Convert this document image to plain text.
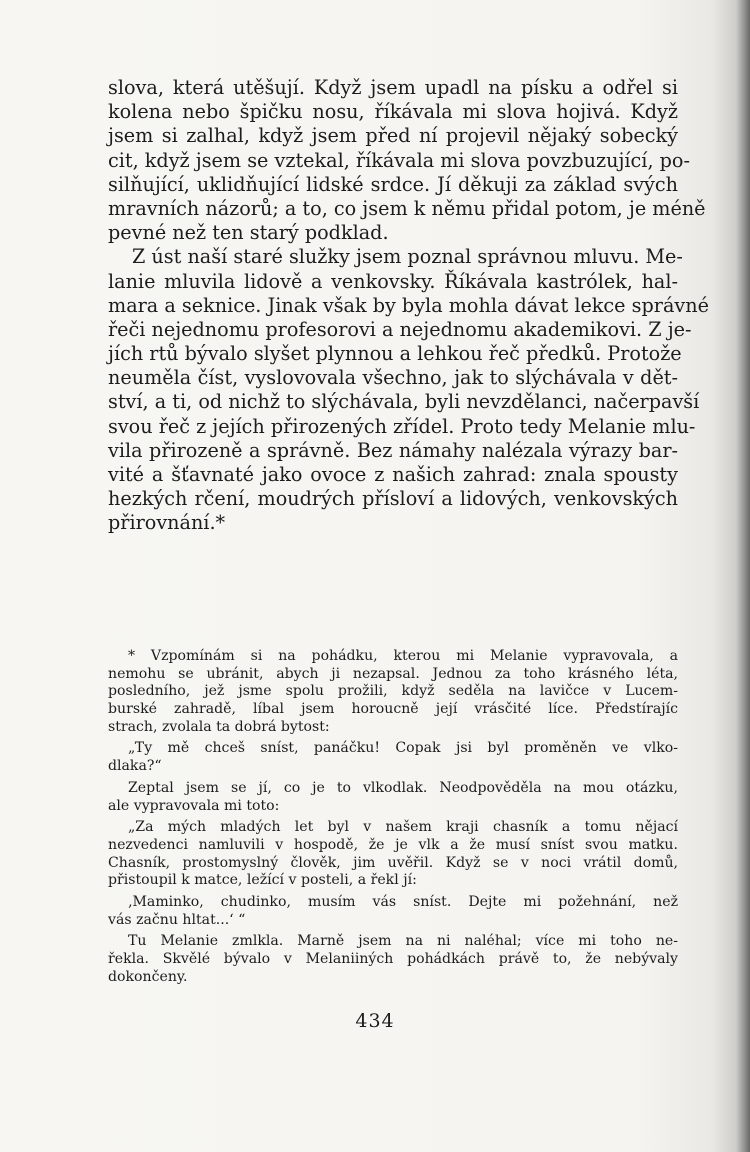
slova, která utěšují. Když jsem upadl na písku a odřel si
kolena nebo špičku nosu, říkávala mi slova hojivá. Když
jsem si zalhal, když jsem před ní projevil nějaký sobecký
cit, když jsem se vztekal, říkávala mi slova povzbuzující, po-
silňující, uklidňující lidské srdce. Jí děkuji za základ svých
mravních názorů; a to, co jsem k němu přidal potom, je méně
pevné než ten starý podklad.
Z úst naší staré služky jsem poznal správnou mluvu. Me-
lanie mluvila lidově a venkovsky. Říkávala kastrólek, hal-
mara a seknice. Jinak však by byla mohla dávat lekce správné
řeči nejednomu profesorovi a nejednomu akademikovi. Z je-
jích rtů bývalo slyšet plynnou a lehkou řeč předků. Protože
neuměla číst, vyslovovala všechno, jak to slýchávala v dět-
ství, a ti, od nichž to slýchávala, byli nevzdělanci, načerpavší
svou řeč z jejích přirozených zřídel. Proto tedy Melanie mlu-
vila přirozeně a správně. Bez námahy nalézala výrazy bar-
vité a šťavnaté jako ovoce z našich zahrad: znala spousty
hezkých rčení, moudrých přísloví a lidových, venkovských
přirovnání.*
* Vzpomínám si na pohádku, kterou mi Melanie vypravovala, a
nemohu se ubránit, abych ji nezapsal. Jednou za toho krásného léta,
posledního, jež jsme spolu prožili, když seděla na lavičce v Lucem-
burské zahradě, líbal jsem horoucně její vrásčité líce. Předstírajíc
strach, zvolala ta dobrá bytost:
„Ty mě chceš sníst, panáčku! Copak jsi byl proměněn ve vlko-
dlaka?“
Zeptal jsem se jí, co je to vlkodlak. Neodpověděla na mou otázku,
ale vypravovala mi toto:
„Za mých mladých let byl v našem kraji chasník a tomu nějací
nezvedenci namluvili v hospodě, že je vlk a že musí sníst svou matku.
Chasník, prostomyslný člověk, jim uvěřil. Když se v noci vrátil domů,
přistoupil k matce, ležící v posteli, a řekl jí:
‚Maminko, chudinko, musím vás sníst. Dejte mi požehnání, než
vás začnu hltat...‘ “
Tu Melanie zmlkla. Marně jsem na ni naléhal; více mi toho ne-
řekla. Skvělé bývalo v Melaniiných pohádkách právě to, že nebývaly
dokončeny.
434
